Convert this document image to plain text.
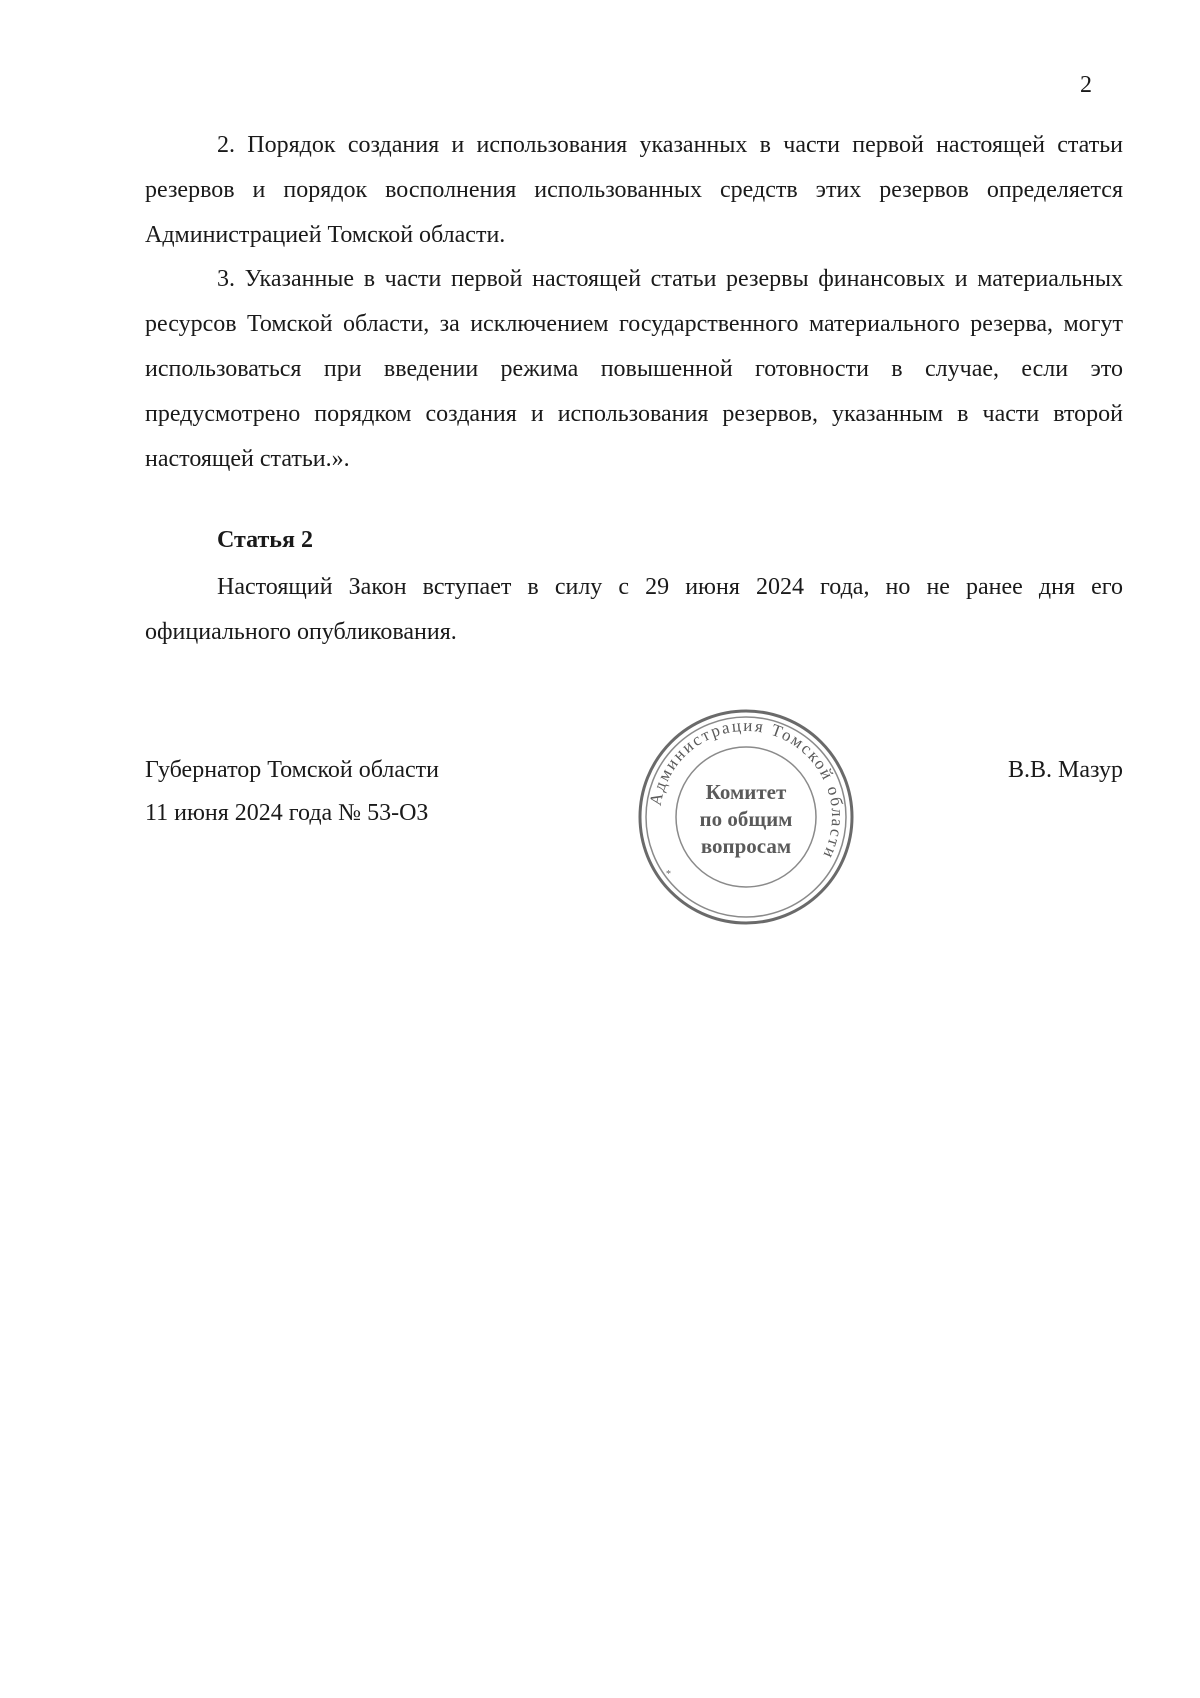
2

2. Порядок создания и использования указанных в части первой настоящей статьи резервов и порядок восполнения использованных средств этих резервов определяется Администрацией Томской области.

3. Указанные в части первой настоящей статьи резервы финансовых и материальных ресурсов Томской области, за исключением государственного материального резерва, могут использоваться при введении режима повышенной готовности в случае, если это предусмотрено порядком создания и использования резервов, указанным в части второй настоящей статьи.».

Статья 2

Настоящий Закон вступает в силу с 29 июня 2024 года, но не ранее дня его официального опубликования.

Губернатор Томской области
11 июня 2024 года № 53-ОЗ
В.В. Мазур
Администрация Томской области
*
Комитет
по общим
вопросам
